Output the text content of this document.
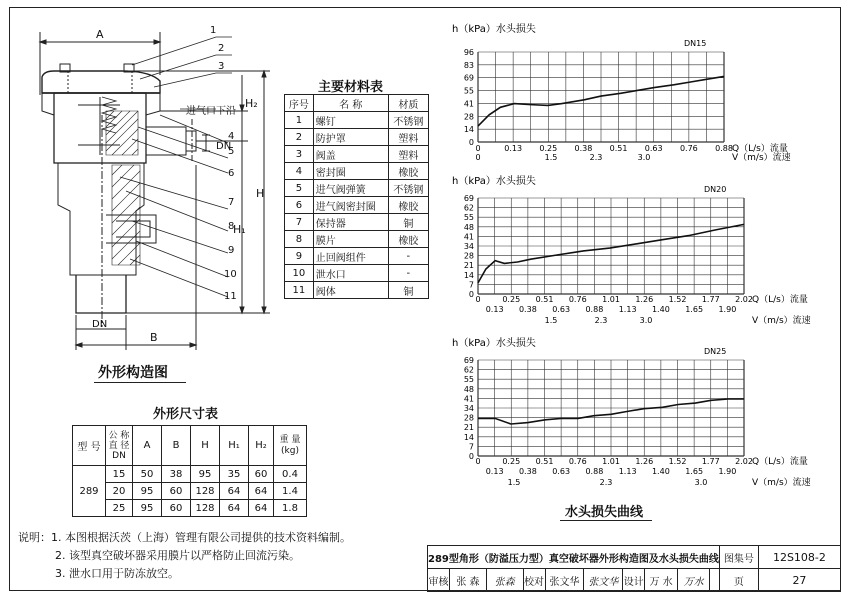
A
H₂
H
H₁
B
DN
DN
进气口下沿
1
2
3
4
5
6
7
8
9
10
11
外形构造图
主要材料表
序号	名 称	材质
1	螺钉	不锈钢
2	防护罩	塑料
3	阀盖	塑料
4	密封圈	橡胶
5	进气阀弹簧	不锈钢
6	进气阀密封圈	橡胶
7	保持器	铜
8	膜片	橡胶
9	止回阀组件	-
10	泄水口	-
11	阀体	铜
外形尺寸表
型 号	公 称 直 径 DN	A	B	H	H₁	H₂	重 量 (kg)
289	15	50	38	95	35	60	0.4
	20	95	60	128	64	64	1.4
	25	95	60	128	64	64	1.8
说明：1. 本图根据沃茨（上海）管理有限公司提供的技术资料编制。
2. 该型真空破坏器采用膜片以严格防止回流污染。
3. 泄水口用于防冻放空。
h（kPa）水头损失
DN15
96
83
69
55
41
28
14
0
0	0.13 0.25 0.38 0.51 0.63 0.76 0.88
1.5	2.3	3.0
0
Q（L/s）流量
V（m/s）流速
h（kPa）水头损失
DN20
69
62
55
48
41
34
28
21
14
7
0
0.25 0.51 0.76 1.01 1.26 1.52 1.77 2.02
0.13 0.38 0.63 0.88 1.13 1.40 1.65 1.90
0
1.5	2.3	3.0
Q（L/s）流量
V（m/s）流速
h（kPa）水头损失
DN25
69
62
55
48
41
34
28
21
14
7
0
0.25 0.51 0.76 1.01 1.26 1.52 1.77 2.02
0.13 0.38 0.63 0.88 1.13 1.40 1.65 1.90
0
1.5	2.3	3.0
Q（L/s）流量
V（m/s）流速
水头损失曲线
289型角形（防溢压力型）真空破坏器外形构造图及水头损失曲线										图集号	12S108-2
审核	张 森	张森	校对	张文华	张文华	设计	万 水	万水		页	27
